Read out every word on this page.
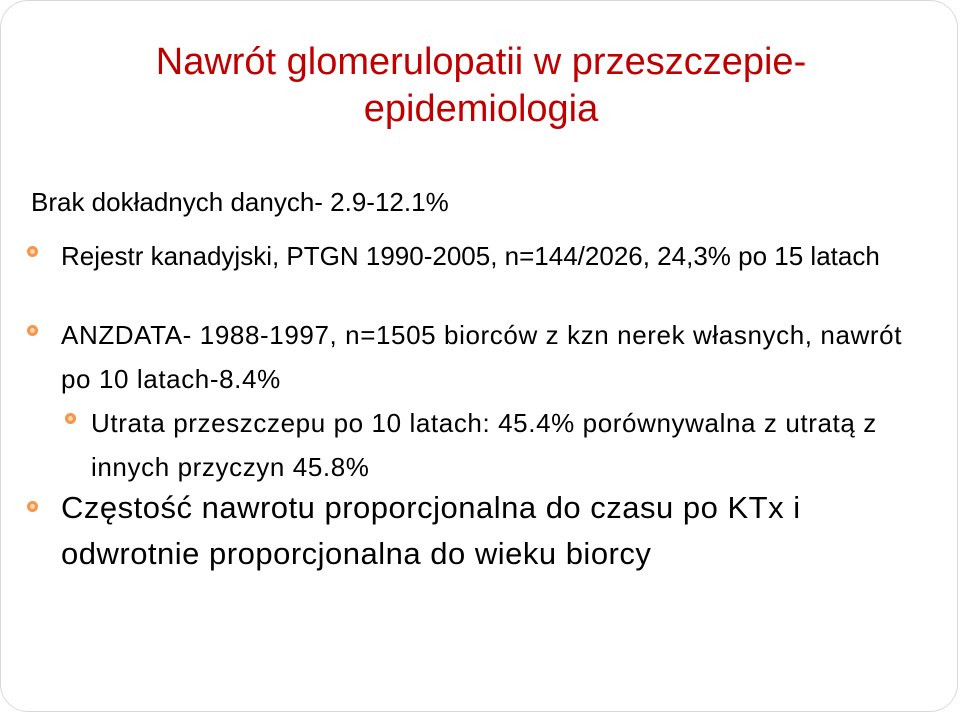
Nawrót glomerulopatii w przeszczepie-
epidemiologia
Brak dokładnych danych- 2.9-12.1%
Rejestr kanadyjski, PTGN 1990-2005, n=144/2026, 24,3% po 15 latach
ANZDATA- 1988-1997, n=1505 biorców z kzn nerek własnych, nawrót po 10 latach-8.4%
Utrata przeszczepu po 10 latach: 45.4% porównywalna z utratą z innych przyczyn 45.8%
Częstość nawrotu proporcjonalna do czasu po KTx i odwrotnie proporcjonalna do wieku biorcy
